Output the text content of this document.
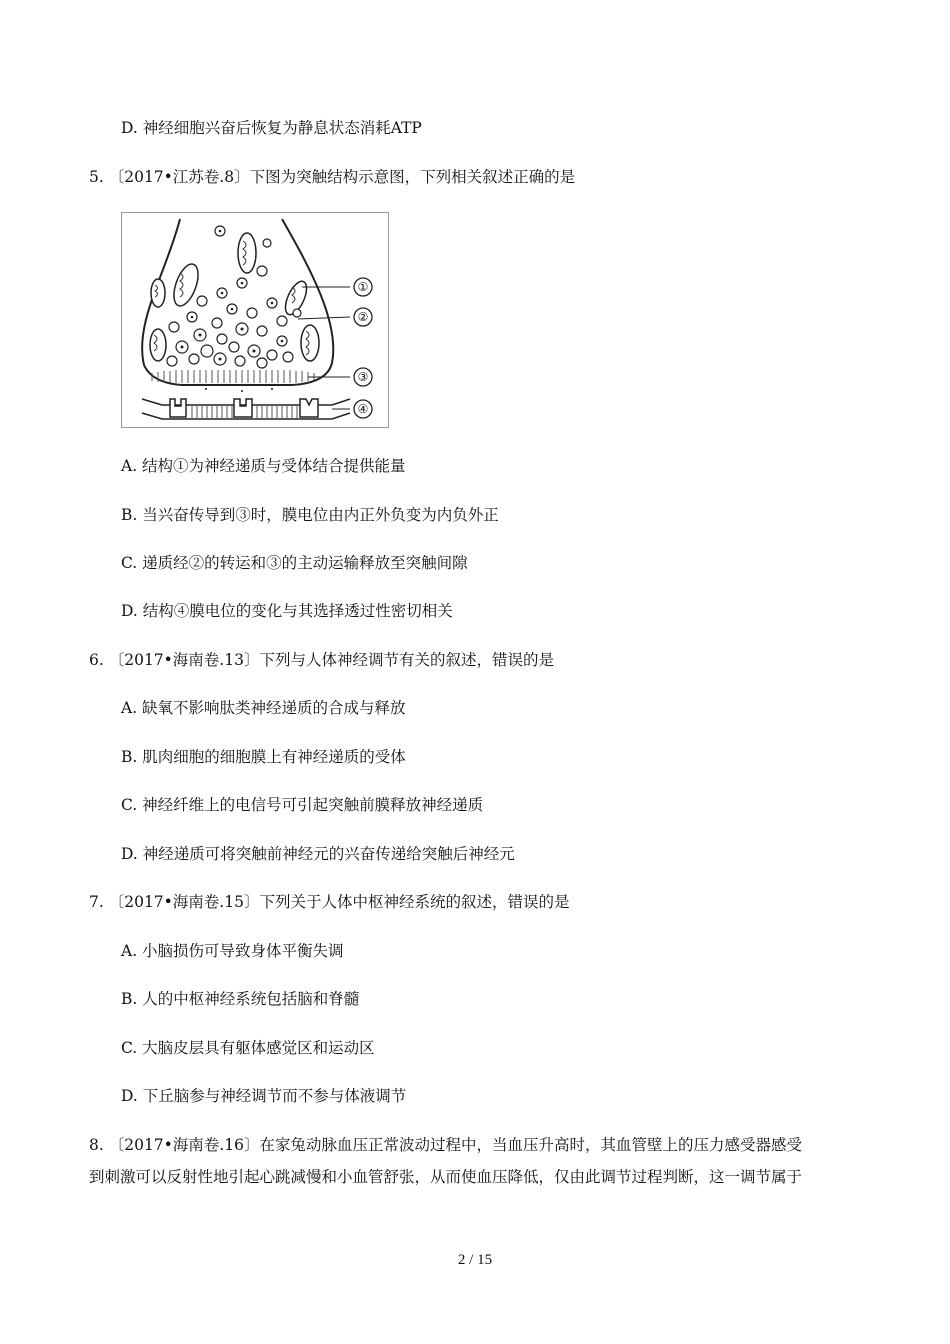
D. 神经细胞兴奋后恢复为静息状态消耗ATP
5. 〔2017•江苏卷.8〕下图为突触结构示意图，下列相关叙述正确的是
①
②
③
④
A. 结构①为神经递质与受体结合提供能量
B. 当兴奋传导到③时，膜电位由内正外负变为内负外正
C. 递质经②的转运和③的主动运输释放至突触间隙
D. 结构④膜电位的变化与其选择透过性密切相关
6. 〔2017•海南卷.13〕下列与人体神经调节有关的叙述，错误的是
A. 缺氧不影响肽类神经递质的合成与释放
B. 肌肉细胞的细胞膜上有神经递质的受体
C. 神经纤维上的电信号可引起突触前膜释放神经递质
D. 神经递质可将突触前神经元的兴奋传递给突触后神经元
7. 〔2017•海南卷.15〕下列关于人体中枢神经系统的叙述，错误的是
A. 小脑损伤可导致身体平衡失调
B. 人的中枢神经系统包括脑和脊髓
C. 大脑皮层具有躯体感觉区和运动区
D. 下丘脑参与神经调节而不参与体液调节
8. 〔2017•海南卷.16〕在家兔动脉血压正常波动过程中，当血压升高时，其血管壁上的压力感受器感受
到刺激可以反射性地引起心跳减慢和小血管舒张，从而使血压降低，仅由此调节过程判断，这一调节属于
2 / 15
